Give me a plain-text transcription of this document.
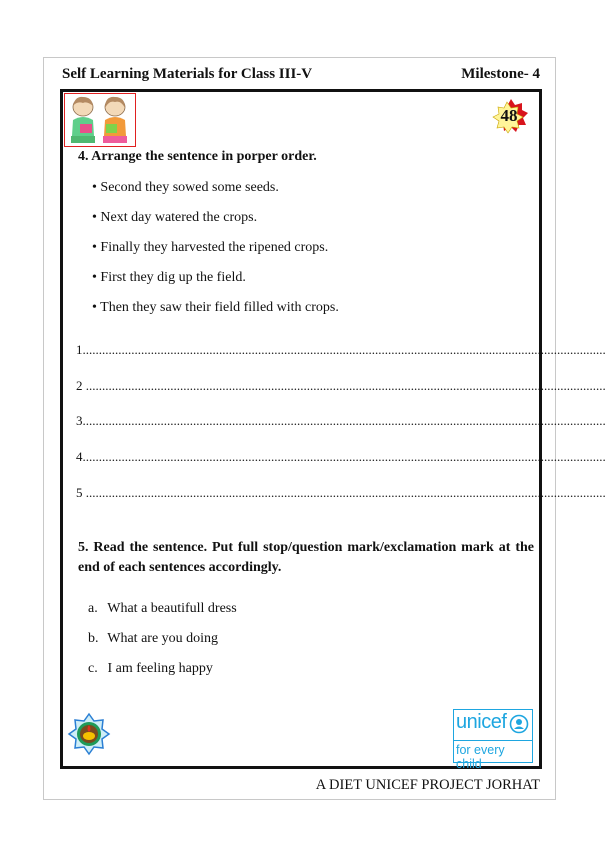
Self Learning Materials for Class III-V	Milestone- 4
48
4. Arrange the sentence in porper order.
• Second they sowed some seeds.
• Next day watered the crops.
• Finally they harvested the ripened crops.
• First they dig up the field.
• Then they saw their field filled with crops.
1.................................................................................................................................................................
2 ................................................................................................................................................................
3.................................................................................................................................................................
4.................................................................................................................................................................
5 ................................................................................................................................................................
5. Read the sentence. Put full stop/question mark/exclamation mark at the end of each sentences accordingly.
a. What a beautifull dress
b. What are you doing
c. I am feeling happy
unicef
for every child
A DIET UNICEF PROJECT JORHAT
